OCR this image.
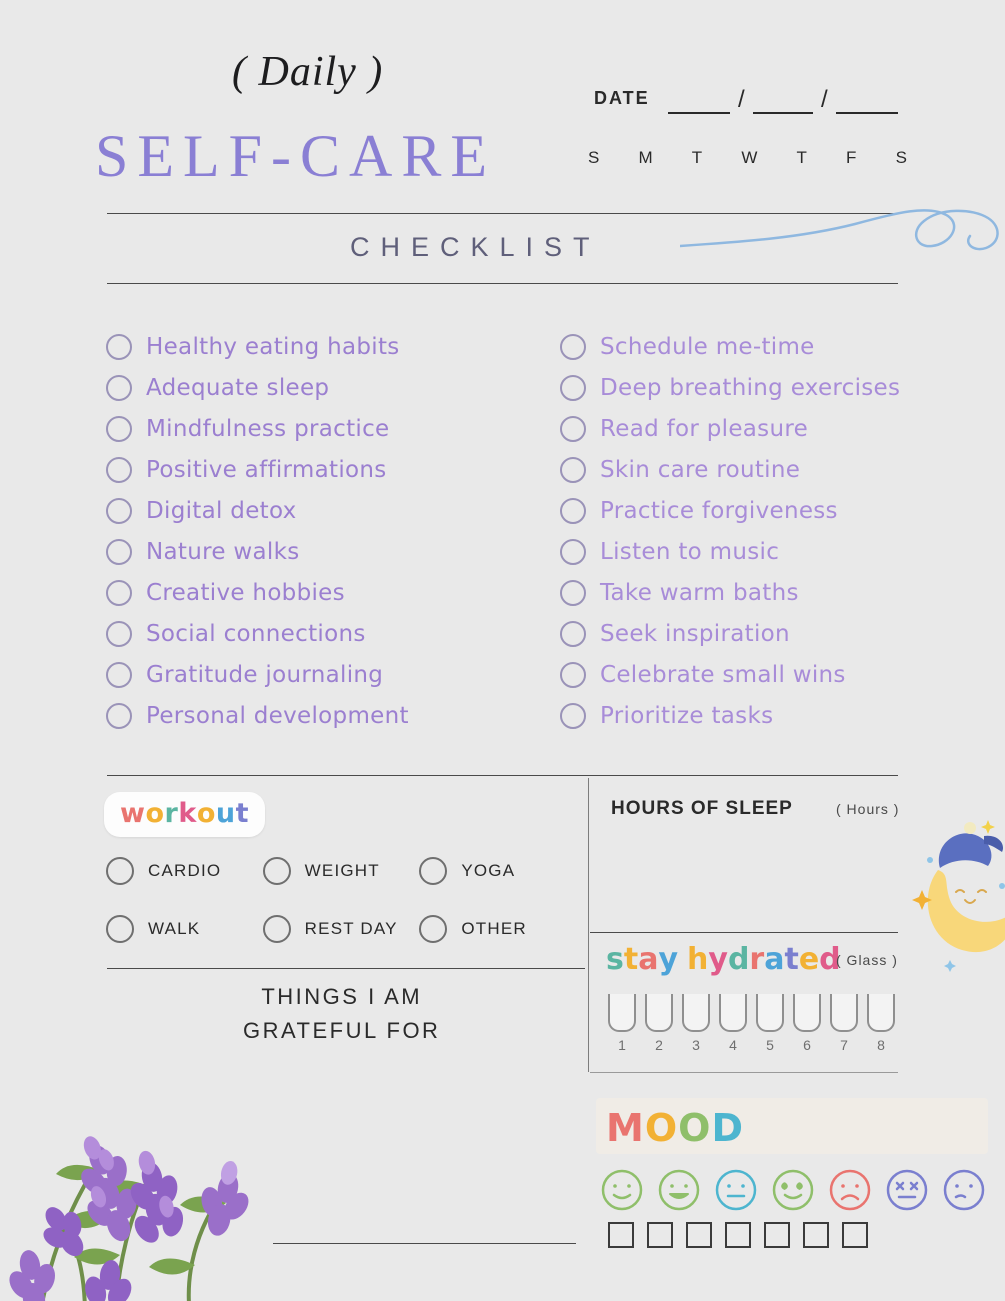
( Daily )
SELF-CARE
DATE	/	/
S M T W T F S
CHECKLIST
Healthy eating habits
Adequate sleep
Mindfulness practice
Positive affirmations
Digital detox
Nature walks
Creative hobbies
Social connections
Gratitude journaling
Personal development
Schedule me-time
Deep breathing exercises
Read for pleasure
Skin care routine
Practice forgiveness
Listen to music
Take warm baths
Seek inspiration
Celebrate small wins
Prioritize tasks
workout
CARDIO	WEIGHT	YOGA
WALK	REST DAY	OTHER
THINGS I AM
GRATEFUL FOR
HOURS OF SLEEP	( Hours )
stay hydrated
( Glass )
1	2	3	4	5	6	7	8
MOOD
